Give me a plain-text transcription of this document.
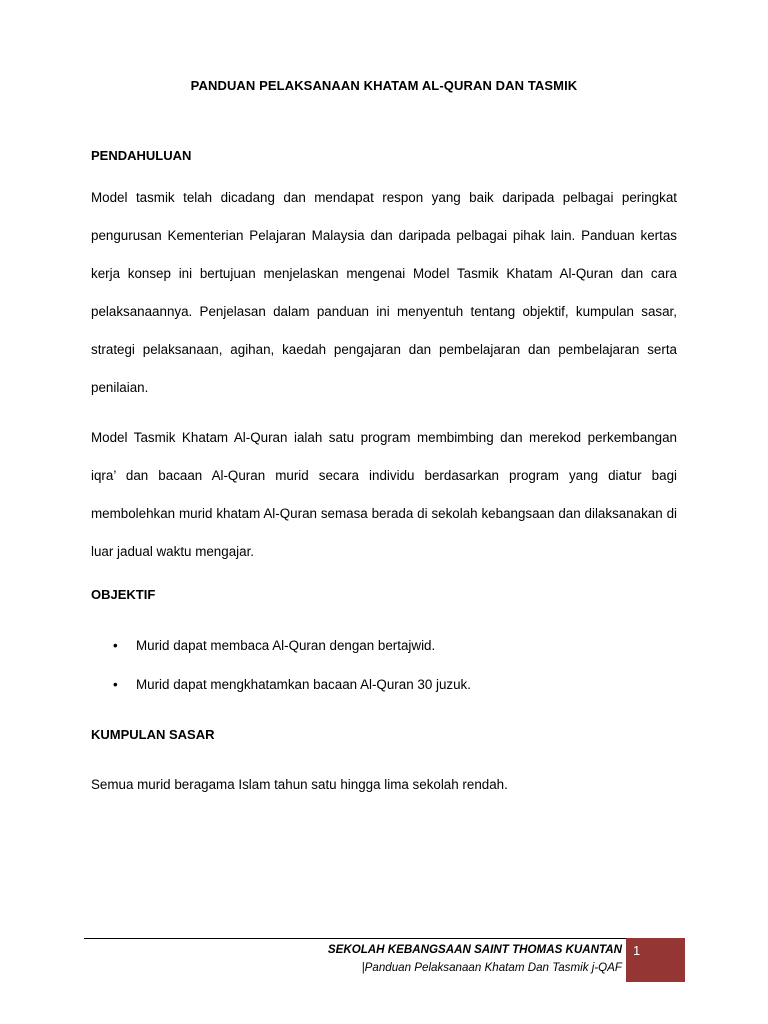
PANDUAN PELAKSANAAN KHATAM AL-QURAN DAN TASMIK
PENDAHULUAN

Model tasmik telah dicadang dan mendapat respon yang baik daripada pelbagai peringkat pengurusan Kementerian Pelajaran Malaysia dan daripada pelbagai pihak lain. Panduan kertas kerja konsep ini bertujuan menjelaskan mengenai Model Tasmik Khatam Al-Quran dan cara pelaksanaannya. Penjelasan dalam panduan ini menyentuh tentang objektif, kumpulan sasar, strategi pelaksanaan, agihan, kaedah pengajaran dan pembelajaran dan pembelajaran serta penilaian.

Model Tasmik Khatam Al-Quran ialah satu program membimbing dan merekod perkembangan iqra’ dan bacaan Al-Quran murid secara individu berdasarkan program yang diatur bagi membolehkan murid khatam Al-Quran semasa berada di sekolah kebangsaan dan dilaksanakan di luar jadual waktu mengajar.

OBJEKTIF
• Murid dapat membaca Al-Quran dengan bertajwid.
• Murid dapat mengkhatamkan bacaan Al-Quran 30 juzuk.
KUMPULAN SASAR

Semua murid beragama Islam tahun satu hingga lima sekolah rendah.

SEKOLAH KEBANGSAAN SAINT THOMAS KUANTAN
|Panduan Pelaksanaan Khatam Dan Tasmik j-QAF
1
